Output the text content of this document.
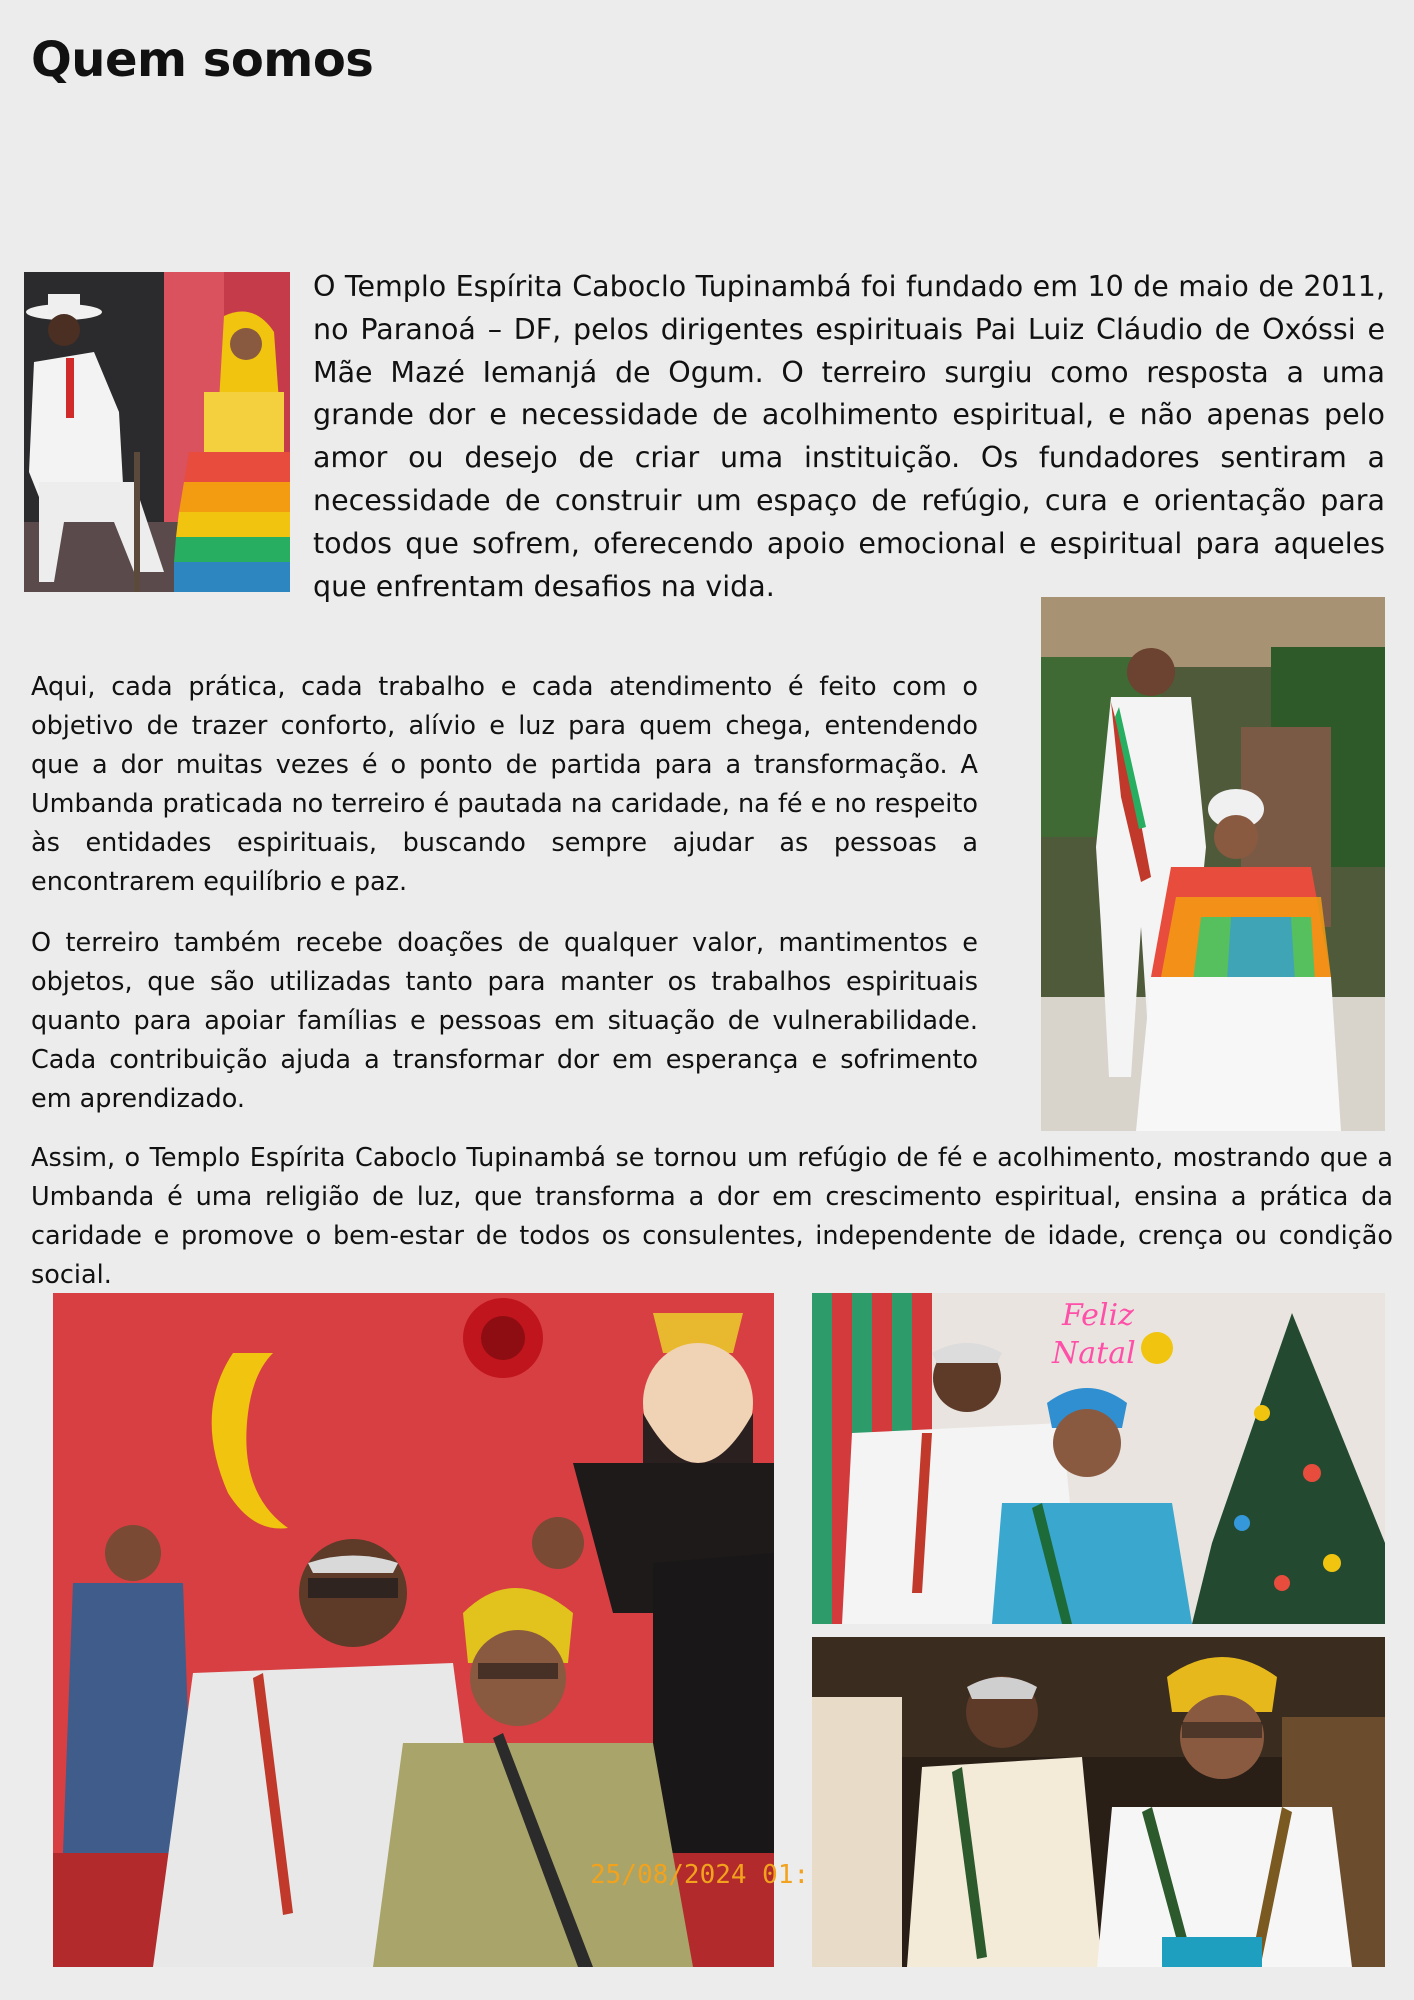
Quem somos

O Templo Espírita Caboclo Tupinambá foi fundado em 10 de maio de 2011, no Paranoá – DF, pelos dirigentes espirituais Pai Luiz Cláudio de Oxóssi e Mãe Mazé Iemanjá de Ogum. O terreiro surgiu como resposta a uma grande dor e necessidade de acolhimento espiritual, e não apenas pelo amor ou desejo de criar uma instituição. Os fundadores sentiram a necessidade de construir um espaço de refúgio, cura e orientação para todos que sofrem, oferecendo apoio emocional e espiritual para aqueles que enfrentam desafios na vida.

Aqui, cada prática, cada trabalho e cada atendimento é feito com o objetivo de trazer conforto, alívio e luz para quem chega, entendendo que a dor muitas vezes é o ponto de partida para a transformação. A Umbanda praticada no terreiro é pautada na caridade, na fé e no respeito às entidades espirituais, buscando sempre ajudar as pessoas a encontrarem equilíbrio e paz.

O terreiro também recebe doações de qualquer valor, mantimentos e objetos, que são utilizadas tanto para manter os trabalhos espirituais quanto para apoiar famílias e pessoas em situação de vulnerabilidade. Cada contribuição ajuda a transformar dor em esperança e sofrimento em aprendizado.

Assim, o Templo Espírita Caboclo Tupinambá se tornou um refúgio de fé e acolhimento, mostrando que a Umbanda é uma religião de luz, que transforma a dor em crescimento espiritual, ensina a prática da caridade e promove o bem-estar de todos os consulentes, independente de idade, crença ou condição social.

25/08/2024 01:
Feliz
Natal
